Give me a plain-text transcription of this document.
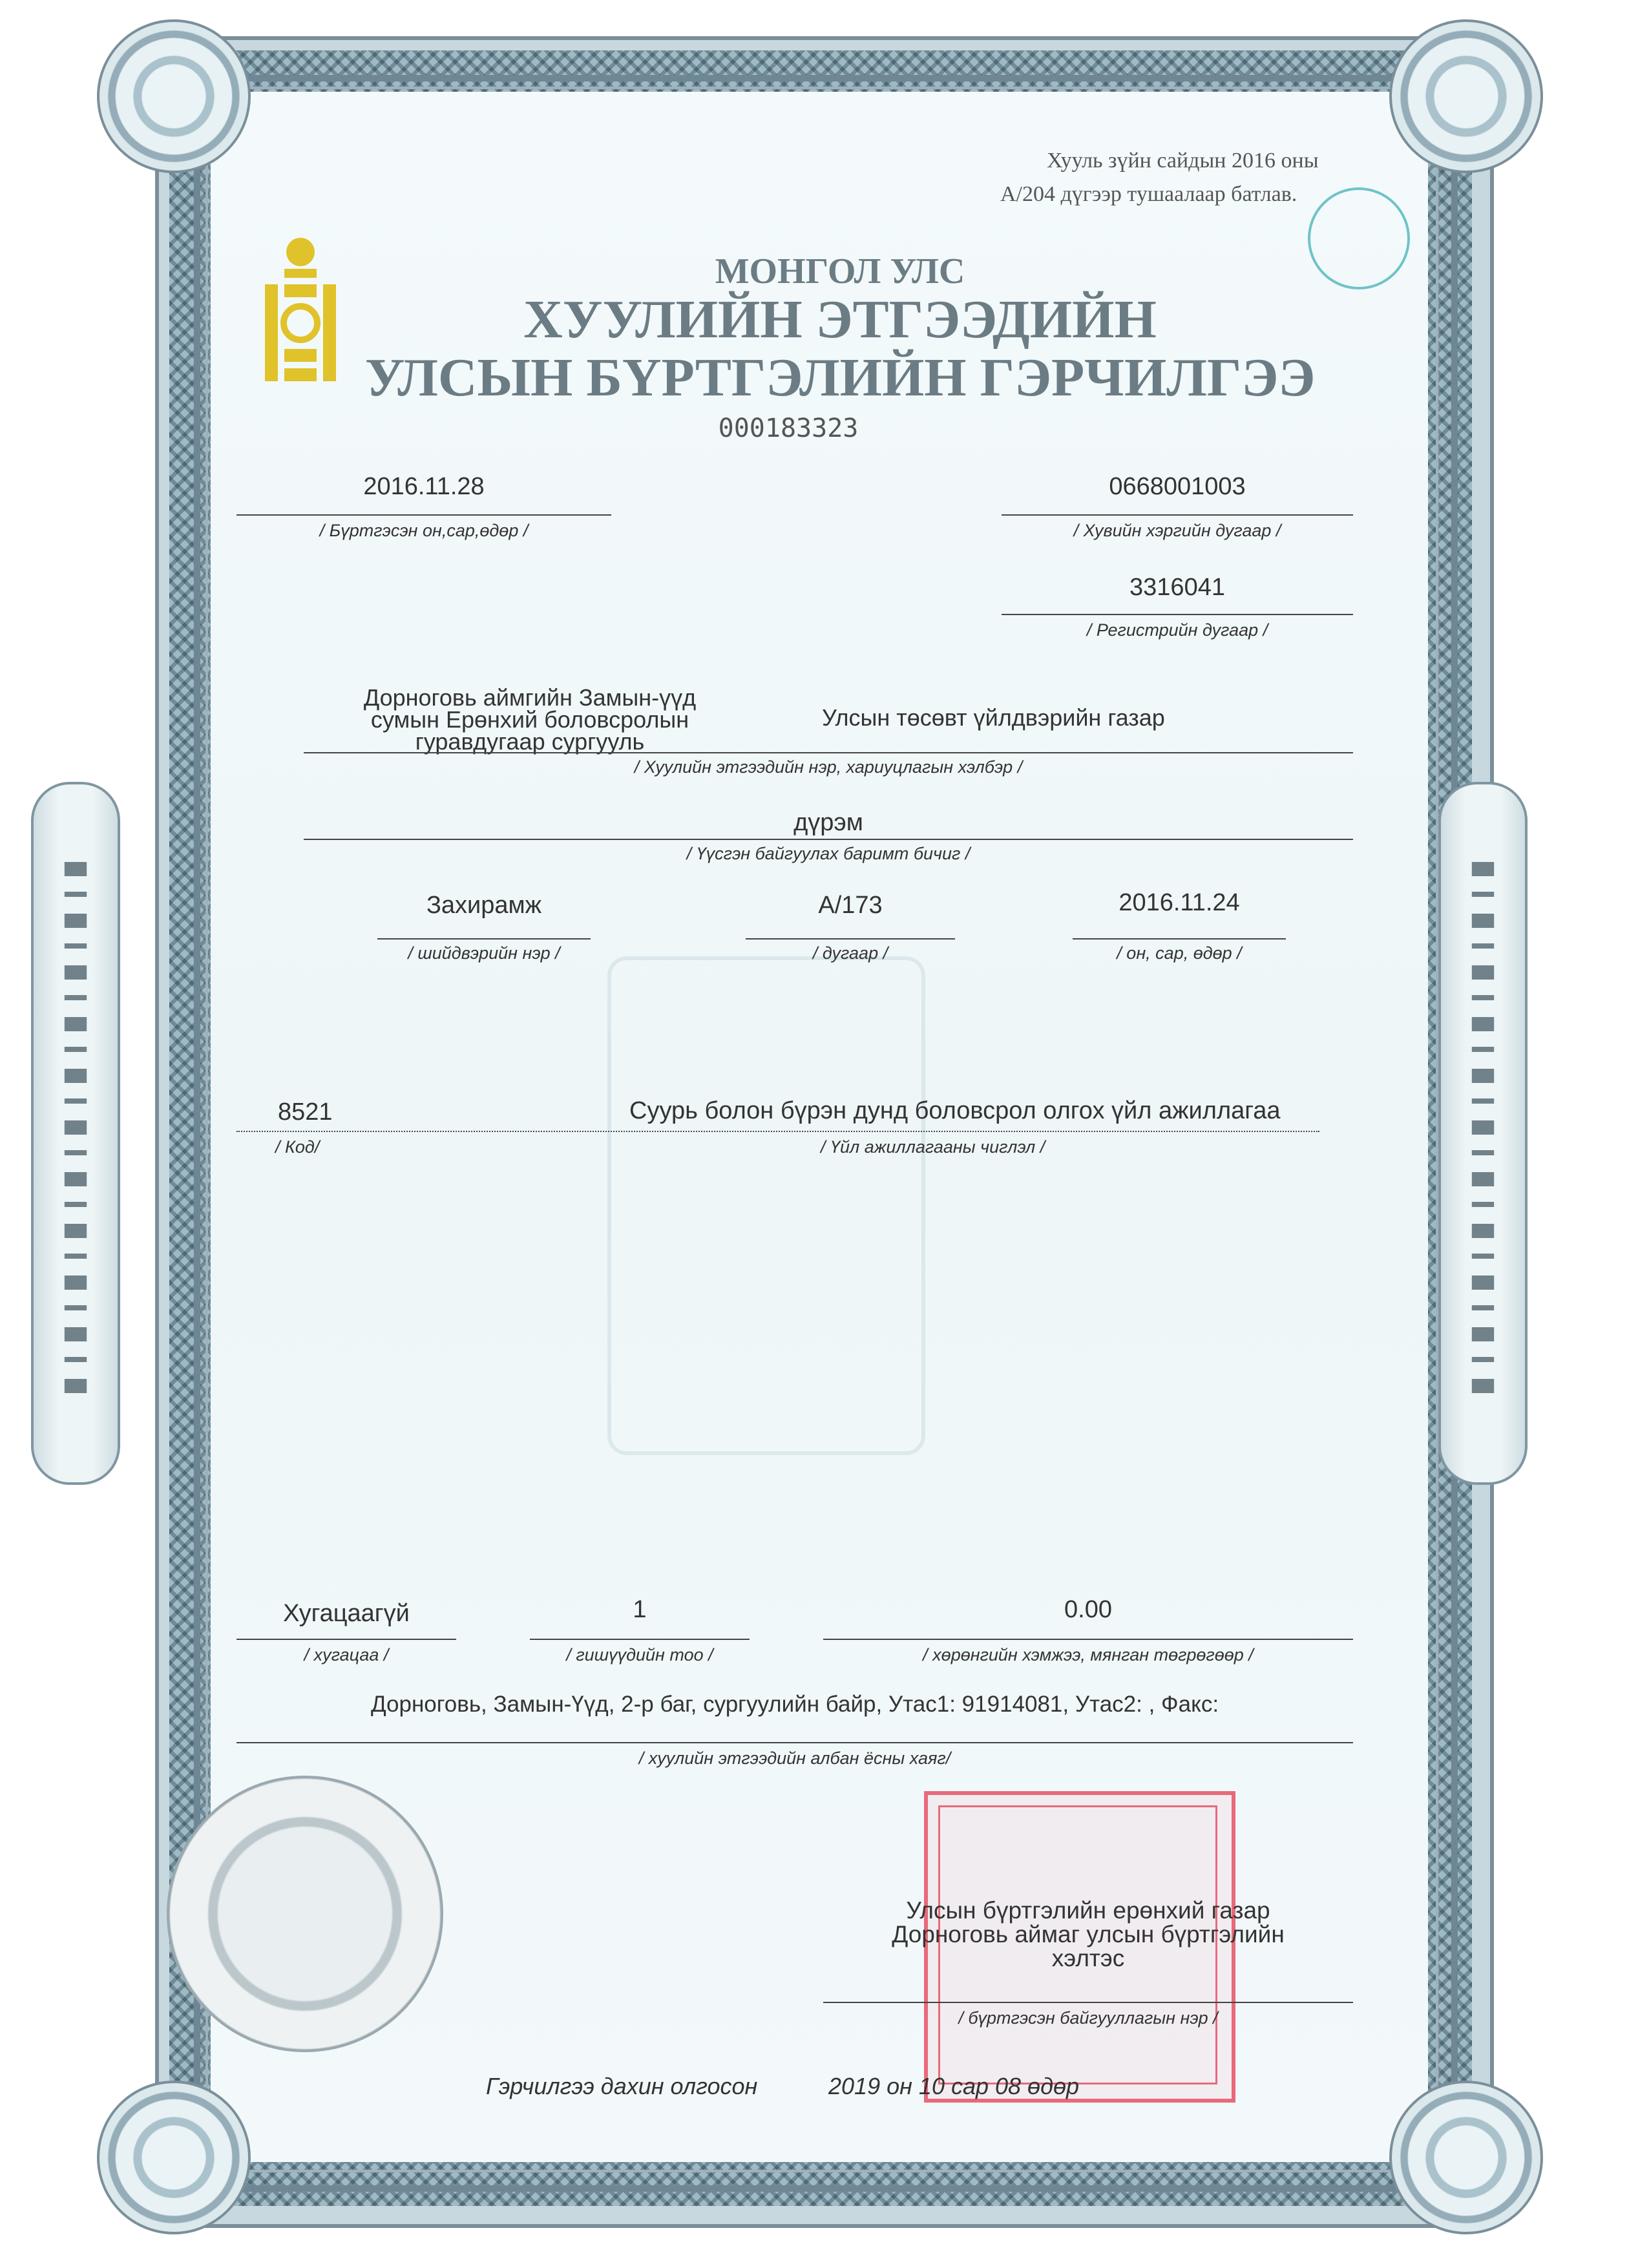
Хууль зүйн сайдын 2016 оны
А/204 дүгээр тушаалаар батлав.
МОНГОЛ УЛС
ХУУЛИЙН ЭТГЭЭДИЙН
УЛСЫН БҮРТГЭЛИЙН ГЭРЧИЛГЭЭ
000183323
2016.11.28
/ Бүртгэсэн он,сар,өдөр /
0668001003
/ Хувийн хэргийн дугаар /
3316041
/ Регистрийн дугаар /
Дорноговь аймгийн Замын-үүд
сумын Ерөнхий боловсролын
гуравдугаар сургууль
Улсын төсөвт үйлдвэрийн газар
/ Хуулийн этгээдийн нэр, хариуцлагын хэлбэр /
дүрэм
/ Үүсгэн байгуулах баримт бичиг /
Захирамж
/ шийдвэрийн нэр /
А/173
/ дугаар /
2016.11.24
/ он, сар, өдөр /
8521	Суурь болон бүрэн дунд боловсрол олгох үйл ажиллагаа
/ Код/	/ Үйл ажиллагааны чиглэл /
Хугацаагүй
/ хугацаа /
1
/ гишүүдийн тоо /
0.00
/ хөрөнгийн хэмжээ, мянган төгрөгөөр /
Дорноговь, Замын-Үүд, 2-р баг, сургуулийн байр, Утас1: 91914081, Утас2: , Факс:
/ хуулийн этгээдийн албан ёсны хаяг/
Улсын бүртгэлийн ерөнхий газар
Дорноговь аймаг улсын бүртгэлийн
хэлтэс
/ бүртгэсэн байгууллагын нэр /
Гэрчилгээ дахин олгосон	2019 он 10 сар 08 өдөр
